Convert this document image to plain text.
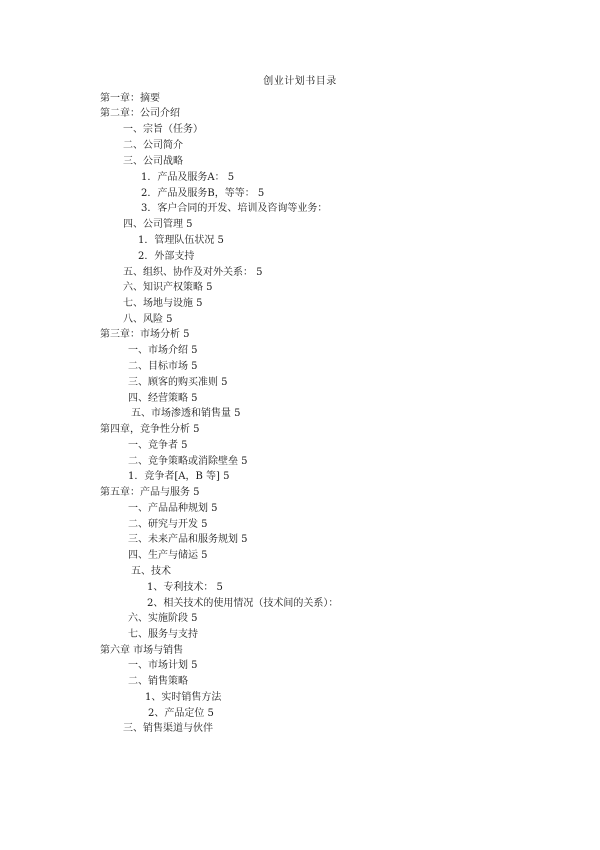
创业计划书目录
第一章：摘要
第二章：公司介绍
一、宗旨（任务）
二、公司简介
三、公司战略
1．产品及服务A： 5
2．产品及服务B，等等： 5
3．客户合同的开发、培训及咨询等业务：
四、公司管理 5
1．管理队伍状况 5
2．外部支持
五、组织、协作及对外关系： 5
六、知识产权策略 5
七、场地与设施 5
八、风险 5
第三章：市场分析 5
一、市场介绍 5
二、目标市场 5
三、顾客的购买准则 5
四、经营策略 5
五、市场渗透和销售量 5
第四章，竞争性分析 5
一、竞争者 5
二、竞争策略或消除壁垒 5
1．竞争者[A，B 等] 5
第五章：产品与服务 5
一、产品品种规划 5
二、研究与开发 5
三、未来产品和服务规划 5
四、生产与储运 5
五、技术
1、专利技术： 5
2、相关技术的使用情况（技术间的关系）：
六、实施阶段 5
七、服务与支持
第六章 市场与销售
一、市场计划 5
二、销售策略
1、实时销售方法
2、产品定位 5
三、销售渠道与伙伴
